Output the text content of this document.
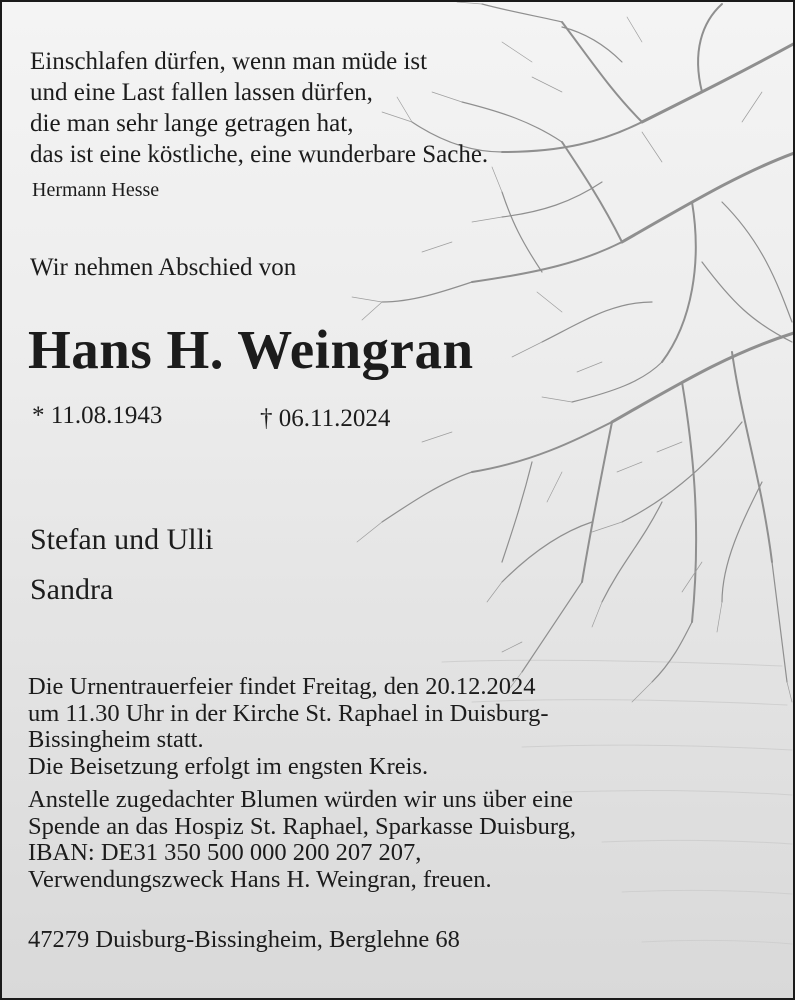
Einschlafen dürfen, wenn man müde ist
und eine Last fallen lassen dürfen,
die man sehr lange getragen hat,
das ist eine köstliche, eine wunderbare Sache.
Hermann Hesse
Wir nehmen Abschied von
Hans H. Weingran
* 11.08.1943	† 06.11.2024
Stefan und Ulli
Sandra
Die Urnentrauerfeier findet Freitag, den 20.12.2024
um 11.30 Uhr in der Kirche St. Raphael in Duisburg-
Bissingheim statt.
Die Beisetzung erfolgt im engsten Kreis.
Anstelle zugedachter Blumen würden wir uns über eine
Spende an das Hospiz St. Raphael, Sparkasse Duisburg,
IBAN: DE31 350 500 000 200 207 207,
Verwendungszweck Hans H. Weingran, freuen.
47279 Duisburg-Bissingheim, Berglehne 68
